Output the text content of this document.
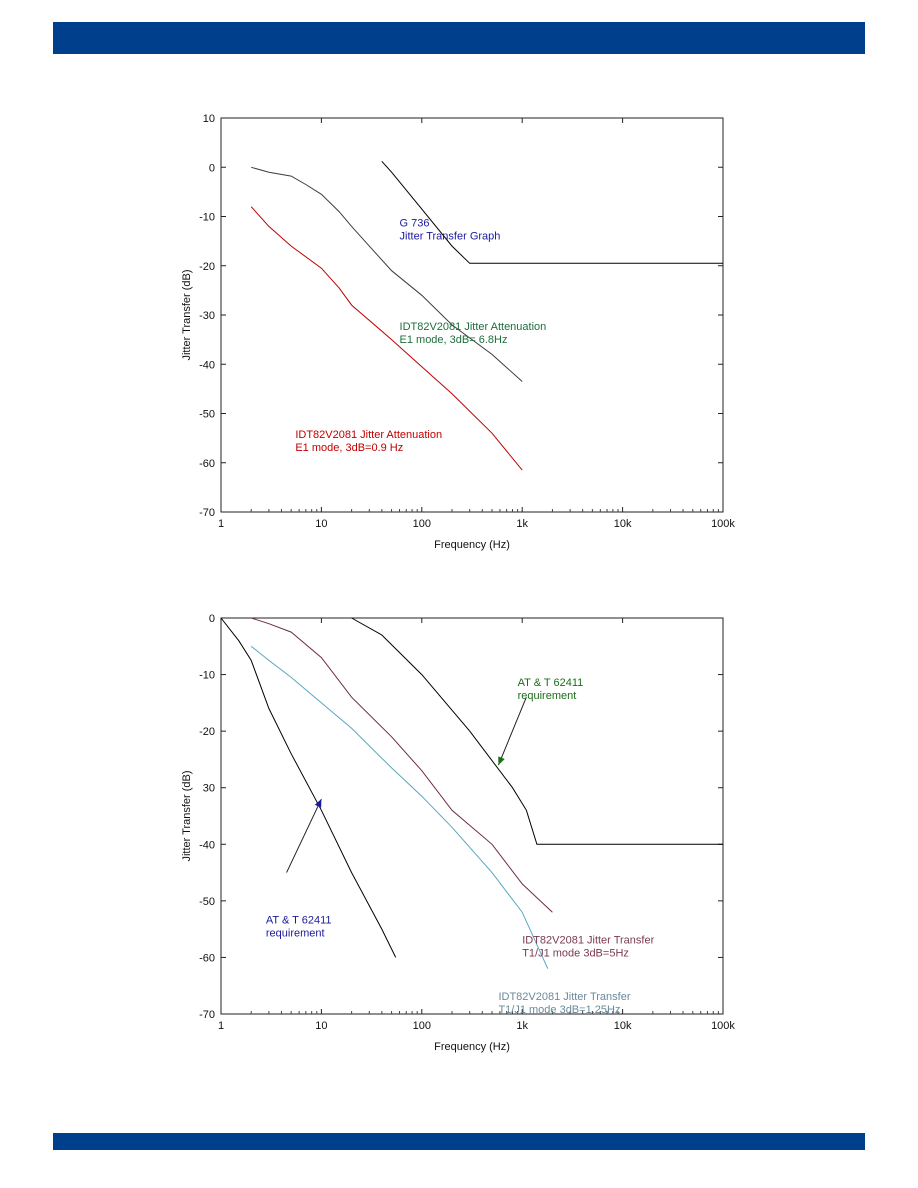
1	10	100	1k	10k	100k
10
0
-10
-20
-30
-40
-50
-60
-70
Frequency (Hz)
Jitter Transfer (dB)
G 736
Jitter Transfer Graph
IDT82V2081 Jitter Attenuation
E1 mode, 3dB= 6.8Hz
IDT82V2081 Jitter Attenuation
E1 mode, 3dB=0.9 Hz
1	10	100	1k	10k	100k
0
-10
-20
30
-40
-50
-60
-70
Frequency (Hz)
Jitter Transfer (dB)
AT & T 62411
requirement
AT & T 62411
requirement
IDT82V2081 Jitter Transfer
T1/J1 mode 3dB=5Hz
IDT82V2081 Jitter Transfer
T1/J1 mode 3dB=1.25Hz
